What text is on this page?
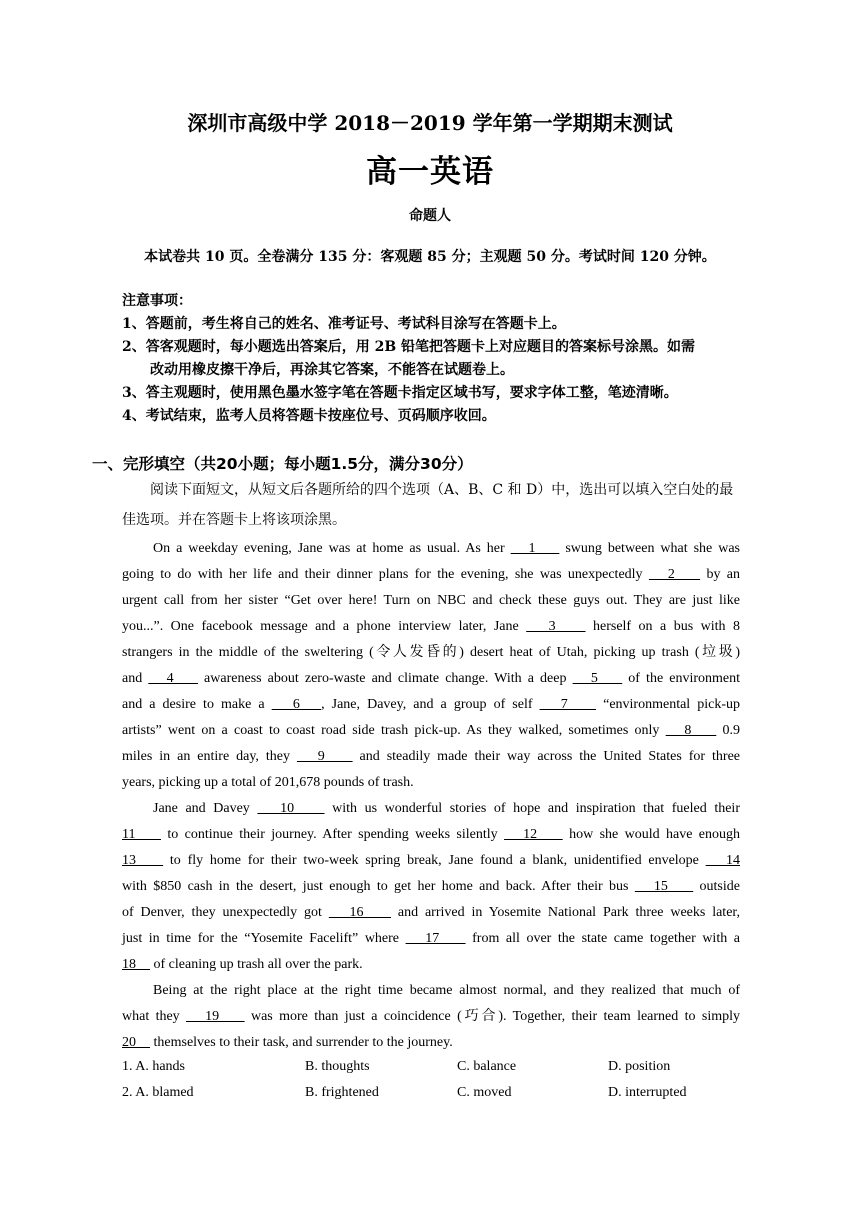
深圳市高级中学 2018－2019 学年第一学期期末测试
高一英语
命题人
本试卷共 10 页。全卷满分 135 分：客观题 85 分；主观题 50 分。考试时间 120 分钟。
注意事项：
1、答题前，考生将自己的姓名、准考证号、考试科目涂写在答题卡上。
2、答客观题时，每小题选出答案后，用 2B 铅笔把答题卡上对应题目的答案标号涂黑。如需
改动用橡皮擦干净后，再涂其它答案，不能答在试题卷上。
3、答主观题时，使用黑色墨水签字笔在答题卡指定区域书写，要求字体工整，笔迹清晰。
4、考试结束，监考人员将答题卡按座位号、页码顺序收回。
一、完形填空（共20小题；每小题1.5分，满分30分）
阅读下面短文，从短文后各题所给的四个选项（A、B、C 和 D）中，选出可以填入空白处的最佳选项。并在答题卡上将该项涂黑。
On a weekday evening, Jane was at home as usual. As her    1     swung between what she was
going to do with her life and their dinner plans for the evening, she was unexpectedly    2     by an
urgent call from her sister “Get over here! Turn on NBC and check these guys out. They are just like
you...”. One facebook message and a phone interview later, Jane    3     herself on a bus with 8
strangers in the middle of the sweltering (令人发昏的) desert heat of Utah, picking up trash (垃圾)
and    4     awareness about zero-waste and climate change. With a deep    5     of the environment
and a desire to make a    6   , Jane, Davey, and a group of self    7     “environmental pick-up
artists” went on a coast to coast road side trash pick-up. As they walked, sometimes only    8     0.9
miles in an entire day, they    9     and steadily made their way across the United States for three
years, picking up a total of 201,678 pounds of trash.
Jane and Davey    10     with us wonderful stories of hope and inspiration that fueled their
11     to continue their journey. After spending weeks silently    12     how she would have enough
13     to fly home for their two-week spring break, Jane found a blank, unidentified envelope    14
with $850 cash in the desert, just enough to get her home and back. After their bus    15     outside
of Denver, they unexpectedly got    16     and arrived in Yosemite National Park three weeks later,
just in time for the “Yosemite Facelift” where    17     from all over the state came together with a
18     of cleaning up trash all over the park.
Being at the right place at the right time became almost normal, and they realized that much of
what they    19     was more than just a coincidence (巧合). Together, their team learned to simply
20     themselves to their task, and surrender to the journey.
1. A. hands	B. thoughts	C. balance	D. position
2. A. blamed	B. frightened	C. moved	D. interrupted
